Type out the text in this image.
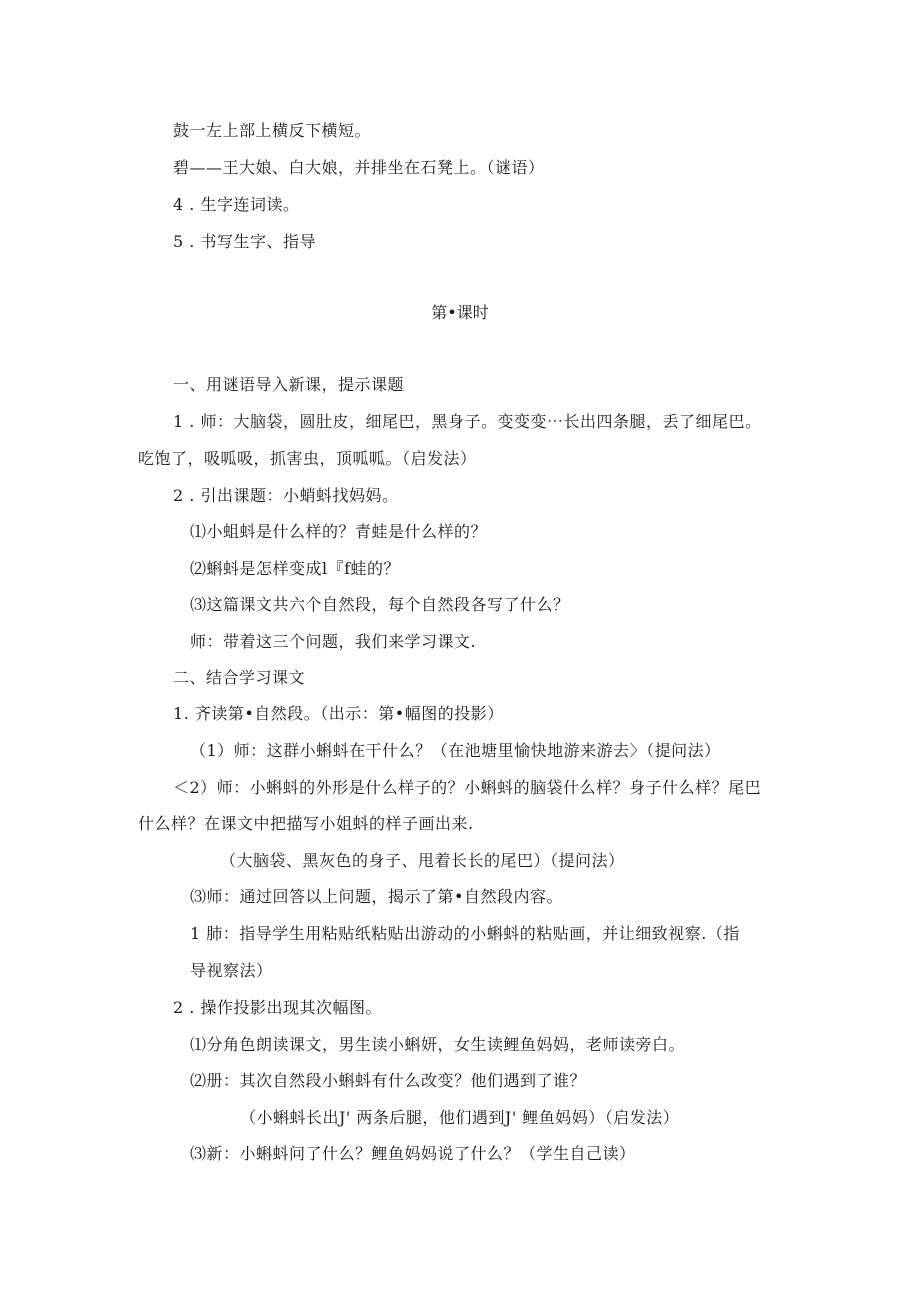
鼓一左上部上横反下横短。
碧——王大娘、白大娘，并排坐在石凳上。（谜语）
4 . 生字连词读。
5 . 书写生字、指导
第•课时
一、用谜语导入新课，提示课题
1 . 师：大脑袋，圆肚皮，细尾巴，黑身子。变变变⋯长出四条腿，丢了细尾巴。
吃饱了，吸呱吸，抓害虫，顶呱呱。（启发法）
2 . 引出课题：小蛸蚪找妈妈。
⑴小蛆蚪是什么样的？青蛙是什么样的？
⑵蝌蚪是怎样变成l『f蛙的？
⑶这篇课文共六个自然段，每个自然段各写了什么？
师：带着这三个问题，我们来学习课文.
二、结合学习课文
1. 齐读第•自然段。（出示：第•幅图的投影）
（1）师：这群小蝌蚪在干什么？（在池塘里愉快地游来游去〉（提问法）
＜2）师：小蝌蚪的外形是什么样子的？小蝌蚪的脑袋什么样？身子什么样？尾巴
什么样？在课文中把描写小姐蚪的样子画出来.
（大脑袋、黑灰色的身子、甩着长长的尾巴）（提问法）
⑶师：通过回答以上问题，揭示了第•自然段内容。
1 肺：指导学生用粘贴纸粘贴出游动的小蝌蚪的粘贴画，并让细致视察.（指
导视察法）
2 . 操作投影出现其次幅图。
⑴分角色朗读课文，男生读小蝌妍，女生读鲤鱼妈妈，老师读旁白。
⑵册：其次自然段小蝌蚪有什么改变？他们遇到了谁？
（小蝌蚪长出J' 两条后腿，他们遇到J' 鲤鱼妈妈）（启发法）
⑶新：小蝌蚪问了什么？鲤鱼妈妈说了什么？（学生自己读）
